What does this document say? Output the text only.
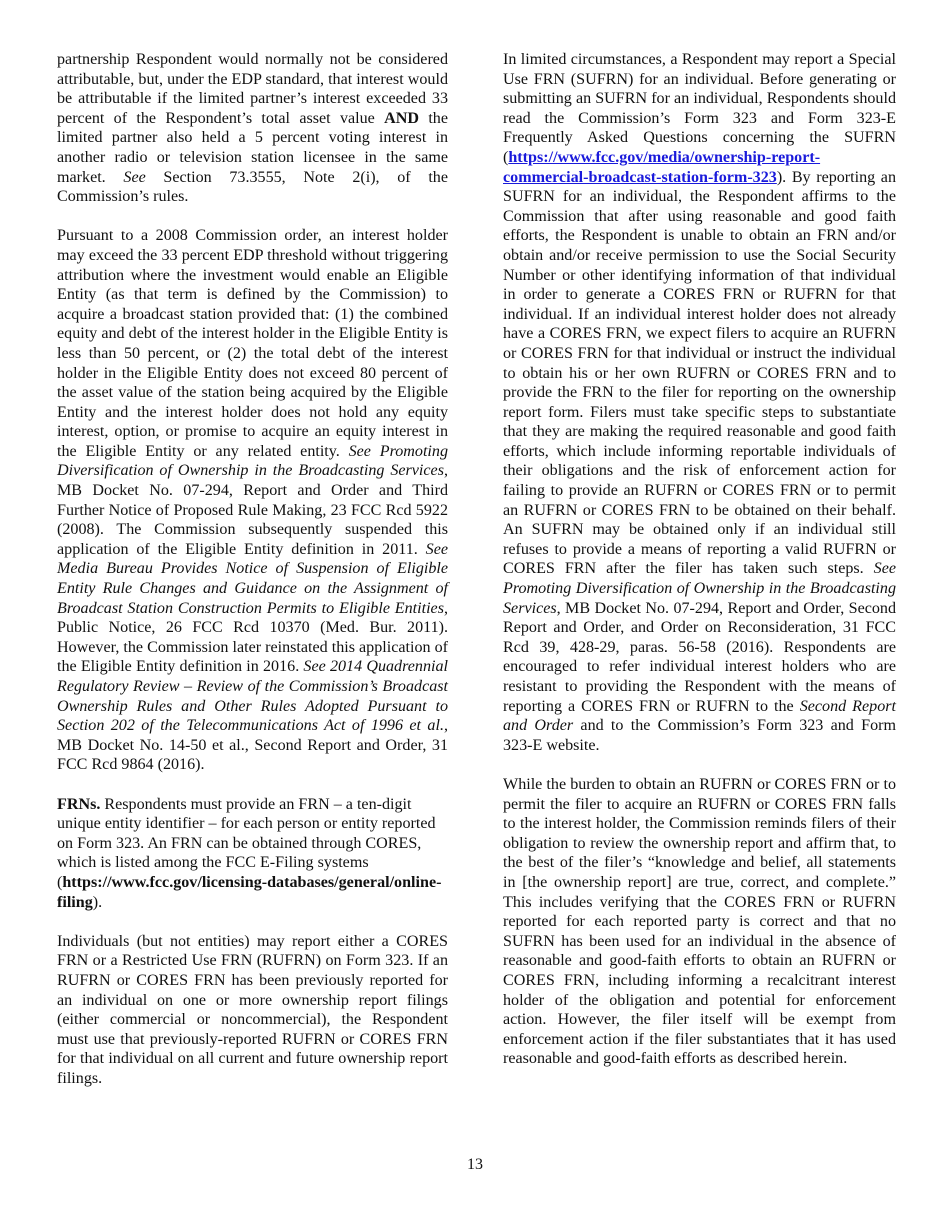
partnership Respondent would normally not be considered attributable, but, under the EDP standard, that interest would be attributable if the limited partner’s interest exceeded 33 percent of the Respondent’s total asset value AND the limited partner also held a 5 percent voting interest in another radio or television station licensee in the same market. See Section 73.3555, Note 2(i), of the Commission’s rules.

Pursuant to a 2008 Commission order, an interest holder may exceed the 33 percent EDP threshold without triggering attribution where the investment would enable an Eligible Entity (as that term is defined by the Commission) to acquire a broadcast station provided that: (1) the combined equity and debt of the interest holder in the Eligible Entity is less than 50 percent, or (2) the total debt of the interest holder in the Eligible Entity does not exceed 80 percent of the asset value of the station being acquired by the Eligible Entity and the interest holder does not hold any equity interest, option, or promise to acquire an equity interest in the Eligible Entity or any related entity. See Promoting Diversification of Ownership in the Broadcasting Services, MB Docket No. 07-294, Report and Order and Third Further Notice of Proposed Rule Making, 23 FCC Rcd 5922 (2008). The Commission subsequently suspended this application of the Eligible Entity definition in 2011. See Media Bureau Provides Notice of Suspension of Eligible Entity Rule Changes and Guidance on the Assignment of Broadcast Station Construction Permits to Eligible Entities, Public Notice, 26 FCC Rcd 10370 (Med. Bur. 2011). However, the Commission later reinstated this application of the Eligible Entity definition in 2016. See 2014 Quadrennial Regulatory Review – Review of the Commission’s Broadcast Ownership Rules and Other Rules Adopted Pursuant to Section 202 of the Telecommunications Act of 1996 et al., MB Docket No. 14-50 et al., Second Report and Order, 31 FCC Rcd 9864 (2016).

FRNs. Respondents must provide an FRN – a ten-digit unique entity identifier – for each person or entity reported on Form 323. An FRN can be obtained through CORES, which is listed among the FCC E-Filing systems (https://www.fcc.gov/licensing-databases/general/online-filing).

Individuals (but not entities) may report either a CORES FRN or a Restricted Use FRN (RUFRN) on Form 323. If an RUFRN or CORES FRN has been previously reported for an individual on one or more ownership report filings (either commercial or noncommercial), the Respondent must use that previously-reported RUFRN or CORES FRN for that individual on all current and future ownership report filings.

In limited circumstances, a Respondent may report a Special Use FRN (SUFRN) for an individual. Before generating or submitting an SUFRN for an individual, Respondents should read the Commission’s Form 323 and Form 323-E Frequently Asked Questions concerning the SUFRN (https://www.fcc.gov/media/ownership-report-commercial-broadcast-station-form-323). By reporting an SUFRN for an individual, the Respondent affirms to the Commission that after using reasonable and good faith efforts, the Respondent is unable to obtain an FRN and/or obtain and/or receive permission to use the Social Security Number or other identifying information of that individual in order to generate a CORES FRN or RUFRN for that individual. If an individual interest holder does not already have a CORES FRN, we expect filers to acquire an RUFRN or CORES FRN for that individual or instruct the individual to obtain his or her own RUFRN or CORES FRN and to provide the FRN to the filer for reporting on the ownership report form. Filers must take specific steps to substantiate that they are making the required reasonable and good faith efforts, which include informing reportable individuals of their obligations and the risk of enforcement action for failing to provide an RUFRN or CORES FRN or to permit an RUFRN or CORES FRN to be obtained on their behalf. An SUFRN may be obtained only if an individual still refuses to provide a means of reporting a valid RUFRN or CORES FRN after the filer has taken such steps. See Promoting Diversification of Ownership in the Broadcasting Services, MB Docket No. 07-294, Report and Order, Second Report and Order, and Order on Reconsideration, 31 FCC Rcd 39, 428-29, paras. 56-58 (2016). Respondents are encouraged to refer individual interest holders who are resistant to providing the Respondent with the means of reporting a CORES FRN or RUFRN to the Second Report and Order and to the Commission’s Form 323 and Form 323-E website.

While the burden to obtain an RUFRN or CORES FRN or to permit the filer to acquire an RUFRN or CORES FRN falls to the interest holder, the Commission reminds filers of their obligation to review the ownership report and affirm that, to the best of the filer’s “knowledge and belief, all statements in [the ownership report] are true, correct, and complete.” This includes verifying that the CORES FRN or RUFRN reported for each reported party is correct and that no SUFRN has been used for an individual in the absence of reasonable and good-faith efforts to obtain an RUFRN or CORES FRN, including informing a recalcitrant interest holder of the obligation and potential for enforcement action. However, the filer itself will be exempt from enforcement action if the filer substantiates that it has used reasonable and good-faith efforts as described herein.

13
